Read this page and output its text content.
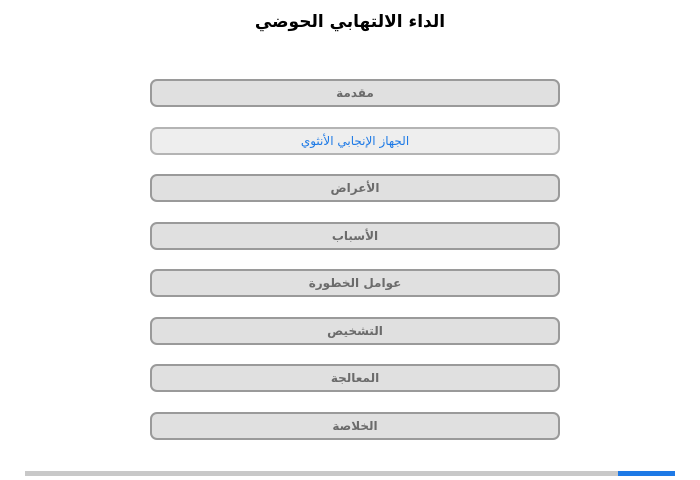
الداء الالتهابي الحوضي
مقدمة
الجهاز الإنجابي الأنثوي
الأعراض
الأسباب
عوامل الخطورة
التشخيص
المعالجة
الخلاصة
